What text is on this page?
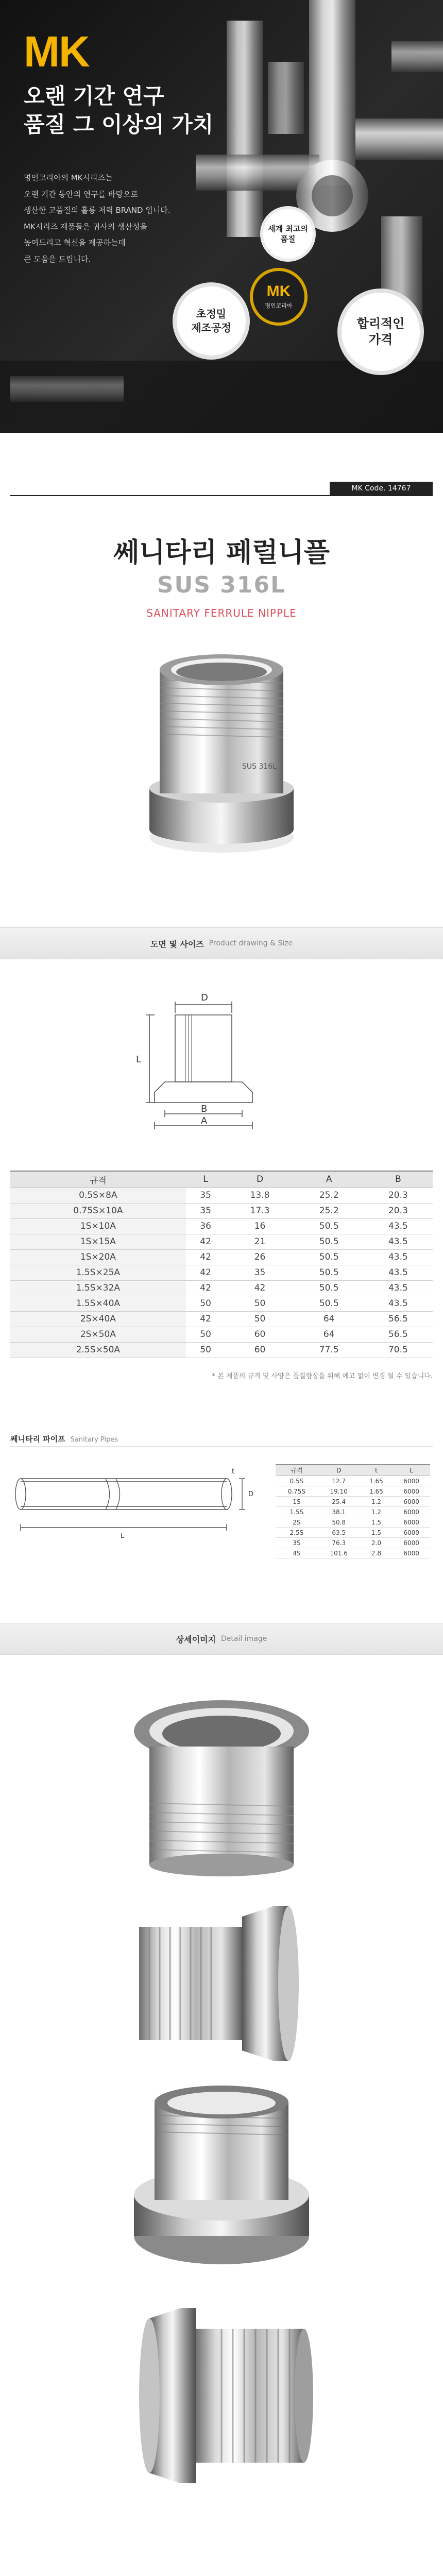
MK
오랜 기간 연구
품질 그 이상의 가치
명인코리아의 MK시리즈는
오랜 기간 동안의 연구를 바탕으로
생산한 고품질의 훌륭 저력 BRAND 입니다.
MK시리즈 제품들은 귀사의 생산성을
높여드리고 혁신을 제공하는데
큰 도움을 드립니다.
세계 최고의
품질
MK
명인코리아
초정밀
제조공정	합리적인
가격
MK Code. 14767
쎄니타리 페럴니플
SUS 316L
SANITARY FERRULE NIPPLE
SUS 316L
도면 및 사이즈 Product drawing & Size
D
L
B
A
규격	L	D	A	B
0.5S×8A	35	13.8	25.2	20.3
0.75S×10A	35	17.3	25.2	20.3
1S×10A	36	16	50.5	43.5
1S×15A	42	21	50.5	43.5
1S×20A	42	26	50.5	43.5
1.5S×25A	42	35	50.5	43.5
1.5S×32A	42	42	50.5	43.5
1.5S×40A	50	50	50.5	43.5
2S×40A	42	50	64	56.5
2S×50A	50	60	64	56.5
2.5S×50A	50	60	77.5	70.5
* 본 제품의 규격 및 사양은 품질향상을 위해 예고 없이 변경 될 수 있습니다.
쎄니타리 파이프 Sanitary Pipes
t
D
L
규격	D	t	L
0.5S	12.7	1.65	6000
0.75S	19.10	1.65	6000
1S	25.4	1.2	6000
1.5S	38.1	1.2	6000
2S	50.8	1.5	6000
2.5S	63.5	1.5	6000
3S	76.3	2.0	6000
4S	101.6	2.8	6000
상세이미지 Detail image
